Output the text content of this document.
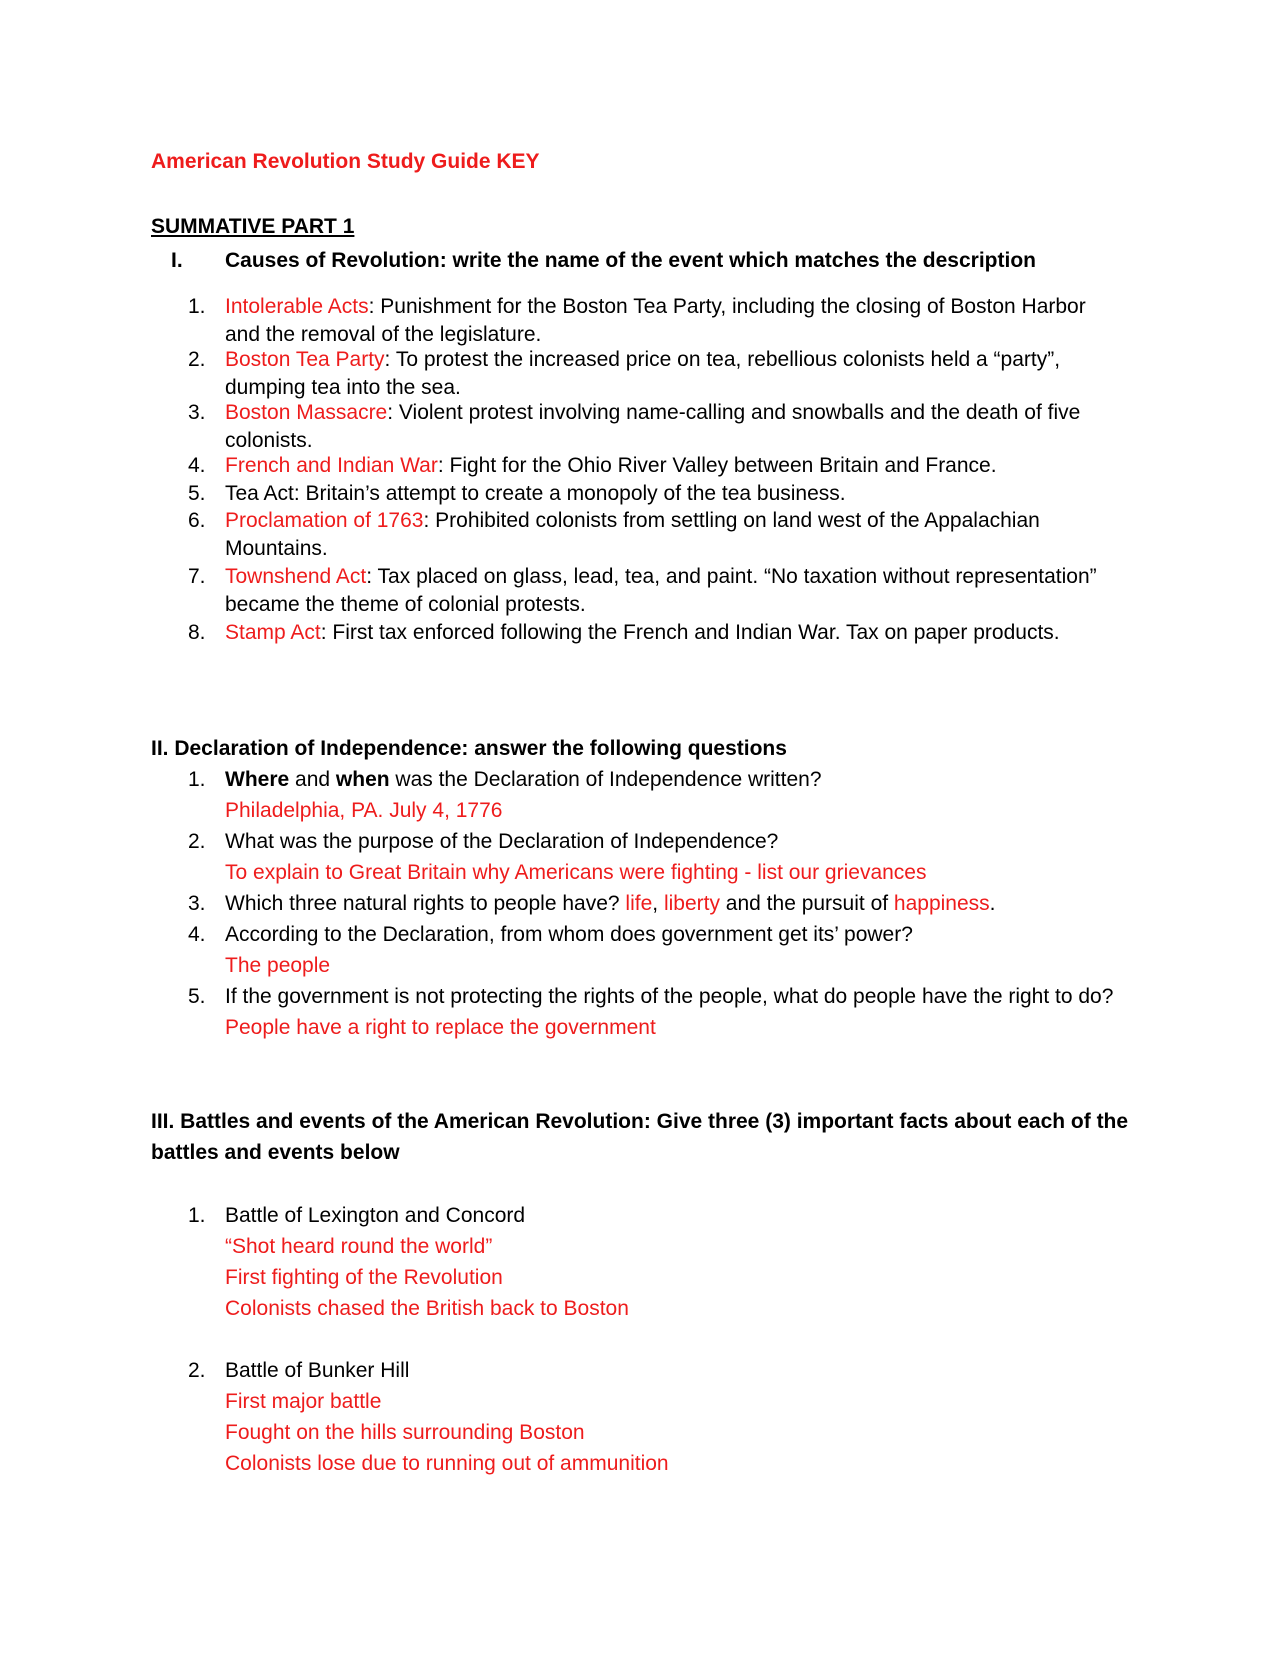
American Revolution Study Guide KEY
SUMMATIVE PART 1
I. Causes of Revolution: write the name of the event which matches the description
1. Intolerable Acts: Punishment for the Boston Tea Party, including the closing of Boston Harbor and the removal of the legislature.
2. Boston Tea Party: To protest the increased price on tea, rebellious colonists held a “party”, dumping tea into the sea.
3. Boston Massacre: Violent protest involving name-calling and snowballs and the death of five colonists.
4. French and Indian War: Fight for the Ohio River Valley between Britain and France.
5. Tea Act: Britain’s attempt to create a monopoly of the tea business.
6. Proclamation of 1763: Prohibited colonists from settling on land west of the Appalachian Mountains.
7. Townshend Act: Tax placed on glass, lead, tea, and paint. “No taxation without representation” became the theme of colonial protests.
8. Stamp Act: First tax enforced following the French and Indian War. Tax on paper products.
II. Declaration of Independence: answer the following questions
1. Where and when was the Declaration of Independence written?
Philadelphia, PA. July 4, 1776
2. What was the purpose of the Declaration of Independence?
To explain to Great Britain why Americans were fighting - list our grievances
3. Which three natural rights to people have? life, liberty and the pursuit of happiness.
4. According to the Declaration, from whom does government get its’ power?
The people
5. If the government is not protecting the rights of the people, what do people have the right to do?
People have a right to replace the government
III. Battles and events of the American Revolution: Give three (3) important facts about each of the battles and events below
1. Battle of Lexington and Concord
“Shot heard round the world”
First fighting of the Revolution
Colonists chased the British back to Boston
2. Battle of Bunker Hill
First major battle
Fought on the hills surrounding Boston
Colonists lose due to running out of ammunition
